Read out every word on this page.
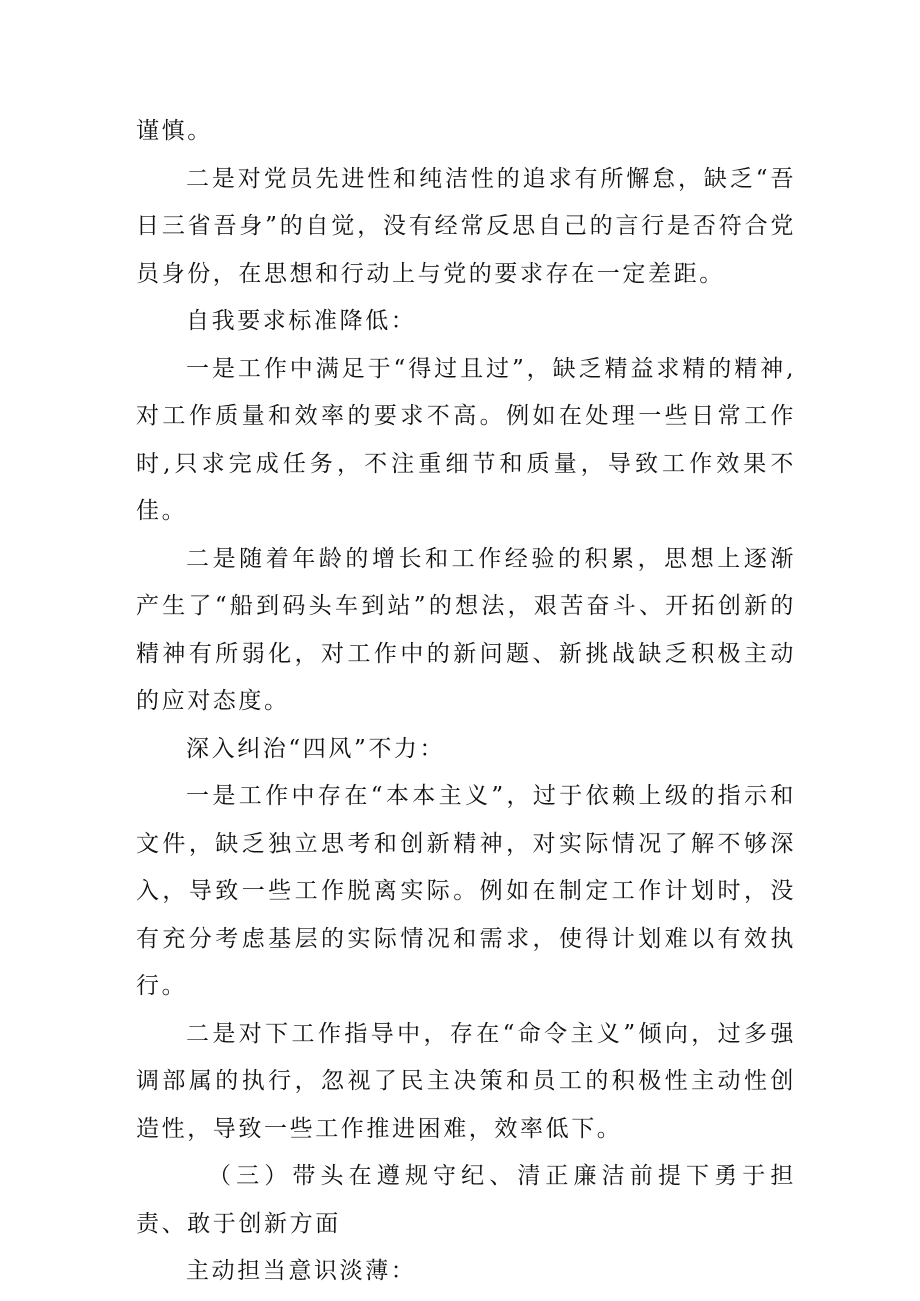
谨慎。

二是对党员先进性和纯洁性的追求有所懈怠，缺乏“吾日三省吾身”的自觉，没有经常反思自己的言行是否符合党员身份，在思想和行动上与党的要求存在一定差距。

自我要求标准降低：

一是工作中满足于“得过且过”，缺乏精益求精的精神,对工作质量和效率的要求不高。例如在处理一些日常工作时,只求完成任务，不注重细节和质量，导致工作效果不佳。

二是随着年龄的增长和工作经验的积累，思想上逐渐产生了“船到码头车到站”的想法，艰苦奋斗、开拓创新的精神有所弱化，对工作中的新问题、新挑战缺乏积极主动的应对态度。

深入纠治“四风”不力：

一是工作中存在“本本主义”，过于依赖上级的指示和文件，缺乏独立思考和创新精神，对实际情况了解不够深入，导致一些工作脱离实际。例如在制定工作计划时，没有充分考虑基层的实际情况和需求，使得计划难以有效执行。

二是对下工作指导中，存在“命令主义”倾向，过多强调部属的执行，忽视了民主决策和员工的积极性主动性创造性，导致一些工作推进困难，效率低下。

（三）带头在遵规守纪、清正廉洁前提下勇于担责、敢于创新方面

主动担当意识淡薄：
